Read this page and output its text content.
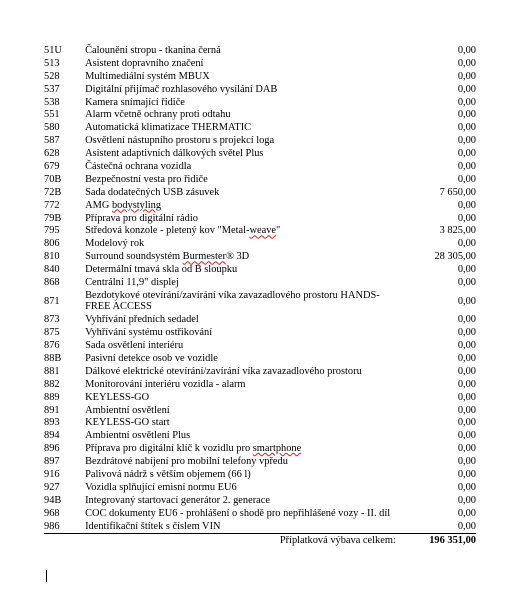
51U	Čalounění stropu - tkanina černá	0,00
513	Asistent dopravního značení	0,00
528	Multimediální systém MBUX	0,00
537	Digitální přijímač rozhlasového vysílání DAB	0,00
538	Kamera snímající řidiče	0,00
551	Alarm včetně ochrany proti odtahu	0,00
580	Automatická klimatizace THERMATIC	0,00
587	Osvětlení nástupního prostoru s projekcí loga	0,00
628	Asistent adaptivních dálkových světel Plus	0,00
679	Částečná ochrana vozidla	0,00
70B	Bezpečnostní vesta pro řidiče	0,00
72B	Sada dodatečných USB zásuvek	7 650,00
772	AMG bodystyling	0,00
79B	Příprava pro digitální rádio	0,00
795	Středová konzole - pletený kov "Metal-weave"	3 825,00
806	Modelový rok	0,00
810	Surround soundsystém Burmester® 3D	28 305,00
840	Determální tmavá skla od B sloupku	0,00
868	Centrální 11,9" displej	0,00
871	Bezdotykové otevírání/zavírání víka zavazadlového prostoru HANDS-FREE ACCESS	0,00
873	Vyhřívání předních sedadel	0,00
875	Vyhřívání systému ostřikování	0,00
876	Sada osvětlení interiéru	0,00
88B	Pasivní detekce osob ve vozidle	0,00
881	Dálkové elektrické otevírání/zavírání víka zavazadlového prostoru	0,00
882	Monitorování interiéru vozidla - alarm	0,00
889	KEYLESS-GO	0,00
891	Ambientní osvětlení	0,00
893	KEYLESS-GO start	0,00
894	Ambientní osvětlení Plus	0,00
896	Příprava pro digitální klíč k vozidlu pro smartphone	0,00
897	Bezdrátové nabíjení pro mobilní telefony vpředu	0,00
916	Palivová nádrž s větším objemem (66 l)	0,00
927	Vozidla splňující emisní normu EU6	0,00
94B	Integrovaný startovací generátor 2. generace	0,00
968	COC dokumenty EU6 - prohlášení o shodě pro nepřihlášené vozy - II. díl	0,00
986	Identifikační štítek s číslem VIN	0,00
	Příplatková výbava celkem:	196 351,00
